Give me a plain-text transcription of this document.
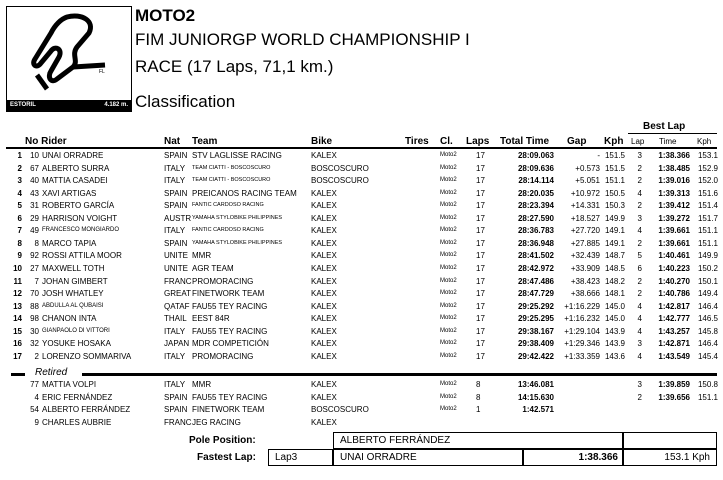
FL
ESTORIL	4.182 m.
MOTO2
FIM JUNIORGP WORLD CHAMPIONSHIP I
RACE (17 Laps, 71,1 km.)
Classification
Best Lap
No Rider	Nat Team	Bike	Tires Cl. Laps Total Time Gap Kph Lap Time	Kph
1	10 UNAI ORRADRE	SPAIN STV LAGLISSE RACING	KALEX	Moto2	17	28:09.063	- 151.5	3	1:38.366 153.1
2	67 ALBERTO SURRA	ITALY	TEAM CIATTI - BOSCOSCURO	BOSCOSCURO	Moto2	17	28:09.636	+0.573 151.5	2	1:38.485 152.9
3	40 MATTIA CASADEI	ITALY	TEAM CIATTI - BOSCOSCURO	BOSCOSCURO	Moto2	17	28:14.114	+5.051 151.1	2	1:39.016 152.0
4	43 XAVI ARTIGAS	SPAIN PREICANOS RACING TEAM	KALEX	Moto2	17	28:20.035	+10.972 150.5	4	1:39.313 151.6
5	31 ROBERTO GARCÍA	SPAIN FANTIC CARDOSO RACING	KALEX	Moto2	17	28:23.394	+14.331 150.3	2	1:39.412 151.4
6	29 HARRISON VOIGHT	AUSTR YAMAHA STYLOBIKE PHILIPPINES	KALEX	Moto2	17	28:27.590	+18.527 149.9	3	1:39.272 151.7
7	49 FRANCESCO MONGIARDO	ITALY	FANTIC CARDOSO RACING	KALEX	Moto2	17	28:36.783	+27.720 149.1	4	1:39.661 151.1
8	8 MARCO TAPIA	SPAIN YAMAHA STYLOBIKE PHILIPPINES	KALEX	Moto2	17	28:36.948	+27.885 149.1	2	1:39.661 151.1
9	92 ROSSI ATTILA MOOR	UNITE MMR	KALEX	Moto2	17	28:41.502	+32.439 148.7	5	1:40.461 149.9
10	27 MAXWELL TOTH	UNITE AGR TEAM	KALEX	Moto2	17	28:42.972	+33.909 148.5	6	1:40.223 150.2
11	7 JOHAN GIMBERT	FRANC PROMORACING	KALEX	Moto2	17	28:47.486	+38.423 148.2	2	1:40.270 150.1
12	70 JOSH WHATLEY	GREAT FINETWORK TEAM	KALEX	Moto2	17	28:47.729	+38.666 148.1	2	1:40.786 149.4
13	88 ABDULLA AL QUBAISI	QATAF FAU55 TEY RACING	KALEX	Moto2	17	29:25.292	+1:16.229 145.0	4	1:42.817 146.4
14	98 CHANON INTA	THAIL EEST 84R	KALEX	Moto2	17	29:25.295	+1:16.232 145.0	4	1:42.777 146.5
15	30 GIANPAOLO DI VITTORI	ITALY FAU55 TEY RACING	KALEX	Moto2	17	29:38.167	+1:29.104 143.9	4	1:43.257 145.8
16	32 YOSUKE HOSAKA	JAPAN MDR COMPETICIÓN	KALEX	Moto2	17	29:38.409	+1:29.346 143.9	3	1:42.871 146.4
17	2 LORENZO SOMMARIVA	ITALY PROMORACING	KALEX	Moto2	17	29:42.422	+1:33.359 143.6	4	1:43.549 145.4
Retired
77 MATTIA VOLPI	ITALY MMR	KALEX	Moto2	8	13:46.081	3	1:39.859 150.8
4 ERIC FERNÁNDEZ	SPAIN FAU55 TEY RACING	KALEX	Moto2	8	14:15.630	2	1:39.656 151.1
54 ALBERTO FERRÁNDEZ	SPAIN FINETWORK TEAM	BOSCOSCURO	Moto2	1	1:42.571
9 CHARLES AUBRIE	FRANC JEG RACING	KALEX
Pole Position:	ALBERTO FERRÁNDEZ
Fastest Lap:	Lap3	UNAI ORRADRE	1:38.366	153.1 Kph
